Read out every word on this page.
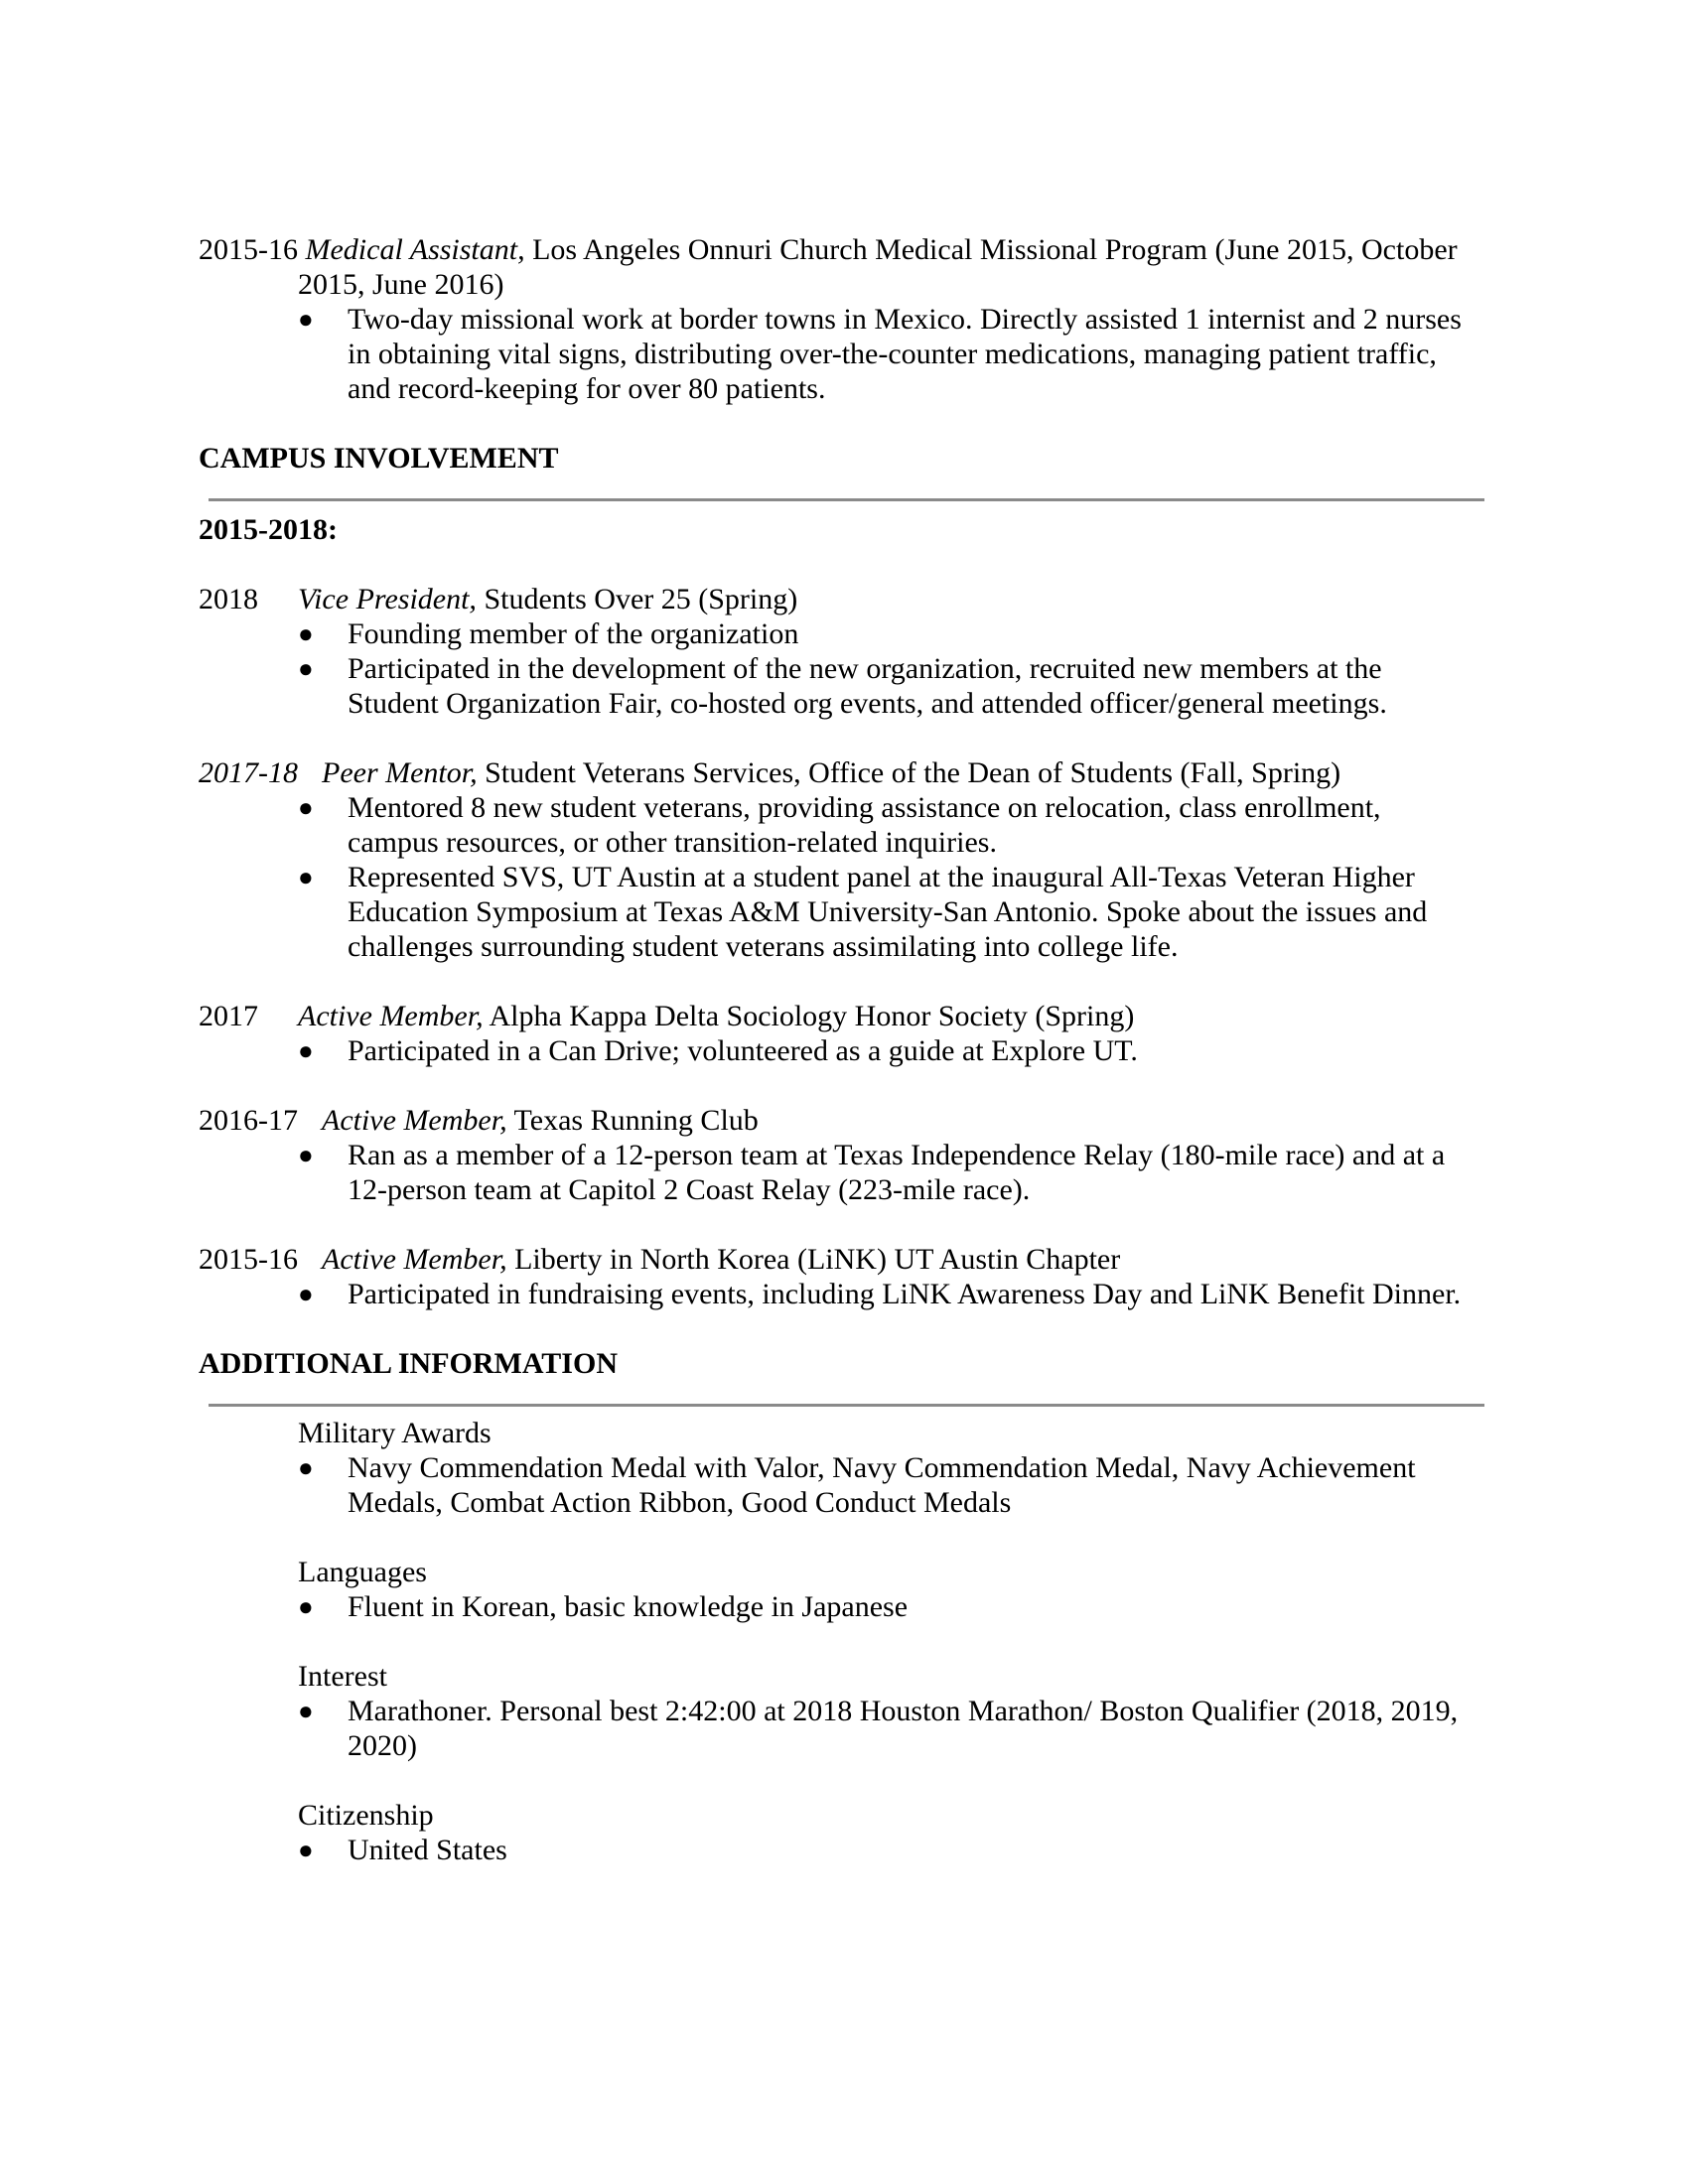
2015-16 Medical Assistant, Los Angeles Onnuri Church Medical Missional Program (June 2015, October
2015, June 2016)
● Two-day missional work at border towns in Mexico. Directly assisted 1 internist and 2 nurses
in obtaining vital signs, distributing over-the-counter medications, managing patient traffic,
and record-keeping for over 80 patients.
CAMPUS INVOLVEMENT
2015-2018:
2018 Vice President, Students Over 25 (Spring)
● Founding member of the organization
● Participated in the development of the new organization, recruited new members at the
Student Organization Fair, co-hosted org events, and attended officer/general meetings.
2017-18 Peer Mentor, Student Veterans Services, Office of the Dean of Students (Fall, Spring)
● Mentored 8 new student veterans, providing assistance on relocation, class enrollment,
campus resources, or other transition-related inquiries.
● Represented SVS, UT Austin at a student panel at the inaugural All-Texas Veteran Higher
Education Symposium at Texas A&M University-San Antonio. Spoke about the issues and
challenges surrounding student veterans assimilating into college life.
2017 Active Member, Alpha Kappa Delta Sociology Honor Society (Spring)
● Participated in a Can Drive; volunteered as a guide at Explore UT.
2016-17 Active Member, Texas Running Club
● Ran as a member of a 12-person team at Texas Independence Relay (180-mile race) and at a
12-person team at Capitol 2 Coast Relay (223-mile race).
2015-16 Active Member, Liberty in North Korea (LiNK) UT Austin Chapter
● Participated in fundraising events, including LiNK Awareness Day and LiNK Benefit Dinner.
ADDITIONAL INFORMATION
Military Awards
● Navy Commendation Medal with Valor, Navy Commendation Medal, Navy Achievement
Medals, Combat Action Ribbon, Good Conduct Medals
Languages
● Fluent in Korean, basic knowledge in Japanese
Interest
● Marathoner. Personal best 2:42:00 at 2018 Houston Marathon/ Boston Qualifier (2018, 2019,
2020)
Citizenship
● United States
